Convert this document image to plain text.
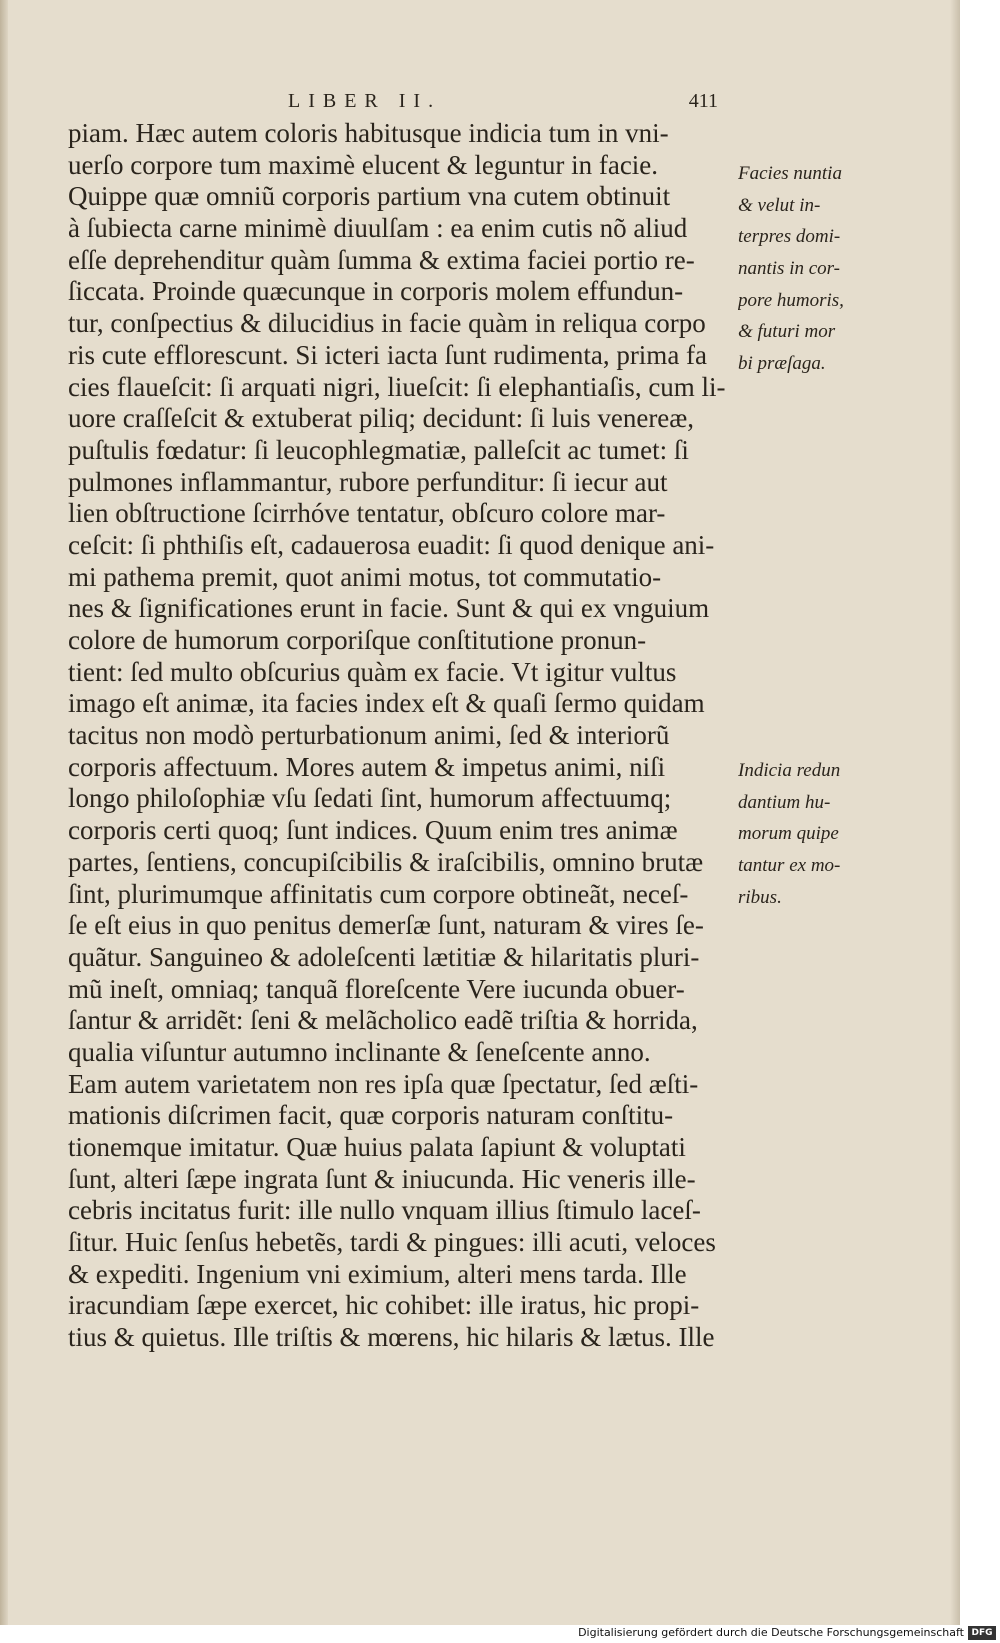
LIBER II.	411
piam. Hæc autem coloris habitusque indicia tum in vni-
uerſo corpore tum maximè elucent & leguntur in facie.
Quippe quæ omniũ corporis partium vna cutem obtinuit
à ſubiecta carne minimè diuulſam : ea enim cutis nõ aliud
eſſe deprehenditur quàm ſumma & extima faciei portio re-
ſiccata. Proinde quæcunque in corporis molem effundun-
tur, conſpectius & dilucidius in facie quàm in reliqua corpo
ris cute efflorescunt. Si icteri iacta ſunt rudimenta, prima fa
cies flaueſcit: ſi arquati nigri, liueſcit: ſi elephantiaſis, cum li-
uore craſſeſcit & extuberat piliq; decidunt: ſi luis venereæ,
puſtulis fœdatur: ſi leucophlegmatiæ, palleſcit ac tumet: ſi
pulmones inflammantur, rubore perfunditur: ſi iecur aut
lien obſtructione ſcirrhóve tentatur, obſcuro colore mar-
ceſcit: ſi phthiſis eſt, cadauerosa euadit: ſi quod denique ani-
mi pathema premit, quot animi motus, tot commutatio-
nes & ſignificationes erunt in facie. Sunt & qui ex vnguium
colore de humorum corporiſque conſtitutione pronun-
tient: ſed multo obſcurius quàm ex facie. Vt igitur vultus
imago eſt animæ, ita facies index eſt & quaſi ſermo quidam
tacitus non modò perturbationum animi, ſed & interiorũ
corporis affectuum. Mores autem & impetus animi, niſi
longo philoſophiæ vſu ſedati ſint, humorum affectuumq;
corporis certi quoq; ſunt indices. Quum enim tres animæ
partes, ſentiens, concupiſcibilis & iraſcibilis, omnino brutæ
ſint, plurimumque affinitatis cum corpore obtineãt, neceſ-
ſe eſt eius in quo penitus demerſæ ſunt, naturam & vires ſe-
quãtur. Sanguineo & adoleſcenti lætitiæ & hilaritatis pluri-
mũ ineſt, omniaq; tanquã floreſcente Vere iucunda obuer-
ſantur & arridẽt: ſeni & melãcholico eadẽ triſtia & horrida,
qualia viſuntur autumno inclinante & ſeneſcente anno.
Eam autem varietatem non res ipſa quæ ſpectatur, ſed æſti-
mationis diſcrimen facit, quæ corporis naturam conſtitu-
tionemque imitatur. Quæ huius palata ſapiunt & voluptati
ſunt, alteri ſæpe ingrata ſunt & iniucunda. Hic veneris ille-
cebris incitatus furit: ille nullo vnquam illius ſtimulo laceſ-
ſitur. Huic ſenſus hebetẽs, tardi & pingues: illi acuti, veloces
& expediti. Ingenium vni eximium, alteri mens tarda. Ille
iracundiam ſæpe exercet, hic cohibet: ille iratus, hic propi-
tius & quietus. Ille triſtis & mœrens, hic hilaris & lætus. Ille
Facies nuntia
& velut in-
terpres domi-
nantis in cor-
pore humoris,
& futuri mor
bi præſaga.
Indicia redun
dantium hu-
morum quipe
tantur ex mo-
ribus.
Digitalisierung gefördert durch die Deutsche Forschungsgemeinschaft DFG
